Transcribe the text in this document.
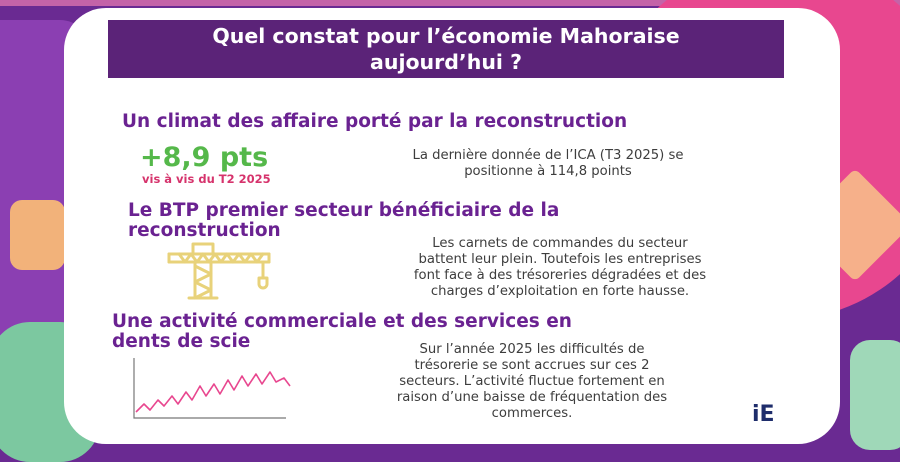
Quel constat pour l’économie Mahoraise
aujourd’hui ?
Un climat des affaire porté par la reconstruction
+8,9 pts
vis à vis du T2 2025
La dernière donnée de l’ICA (T3 2025) se
positionne à 114,8 points
Le BTP premier secteur bénéficiaire de la
reconstruction
Les carnets de commandes du secteur
battent leur plein. Toutefois les entreprises
font face à des trésoreries dégradées et des
charges d’exploitation en forte hausse.
Une activité commerciale et des services en
dents de scie	Sur l’année 2025 les difficultés de
trésorerie se sont accrues sur ces 2
secteurs. L’activité fluctue fortement en
raison d’une baisse de fréquentation des
commerces.	iE
